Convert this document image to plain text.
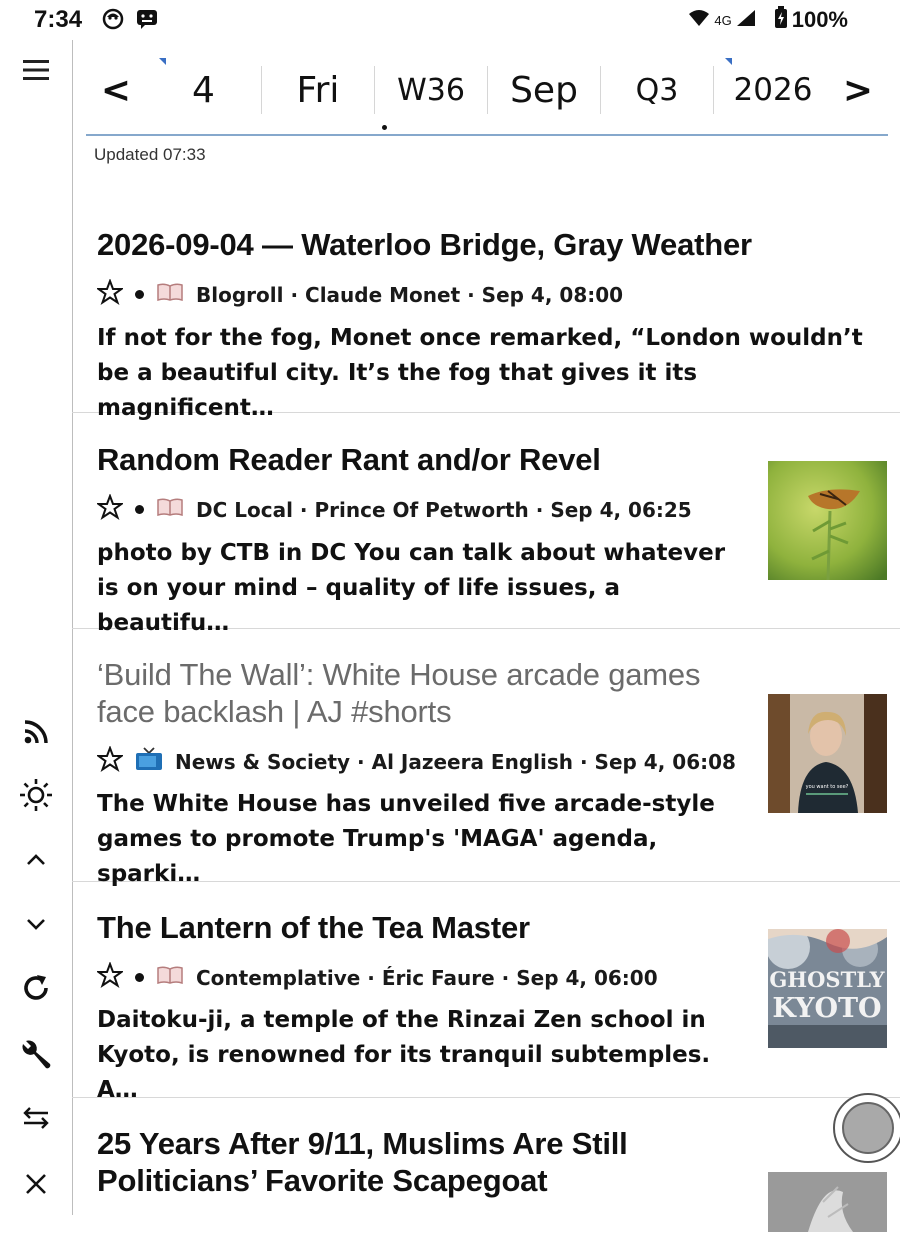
7:34	4G	100%
<	4	Fri	W36	Sep	Q3	2026 >
Updated 07:33
2026-09-04 — Waterloo Bridge, Gray Weather
Blogroll · Claude Monet · Sep 4, 08:00
If not for the fog, Monet once remarked, “London wouldn’t
be a beautiful city. It’s the fog that gives it its magnificent…
Random Reader Rant and/or Revel
DC Local · Prince Of Petworth · Sep 4, 06:25
photo by CTB in DC You can talk about whatever
is on your mind – quality of life issues, a beautifu…
‘Build The Wall’: White House arcade games
face backlash | AJ #shorts
News & Society · Al Jazeera English · Sep 4, 06:08
The White House has unveiled five arcade-style
games to promote Trump's 'MAGA' agenda, sparki…
you want to see?
The Lantern of the Tea Master
Contemplative · Éric Faure · Sep 4, 06:00
Daitoku-ji, a temple of the Rinzai Zen school in
Kyoto, is renowned for its tranquil subtemples. A…
GHOSTLY
KYOTO
25 Years After 9/11, Muslims Are Still
Politicians’ Favorite Scapegoat
